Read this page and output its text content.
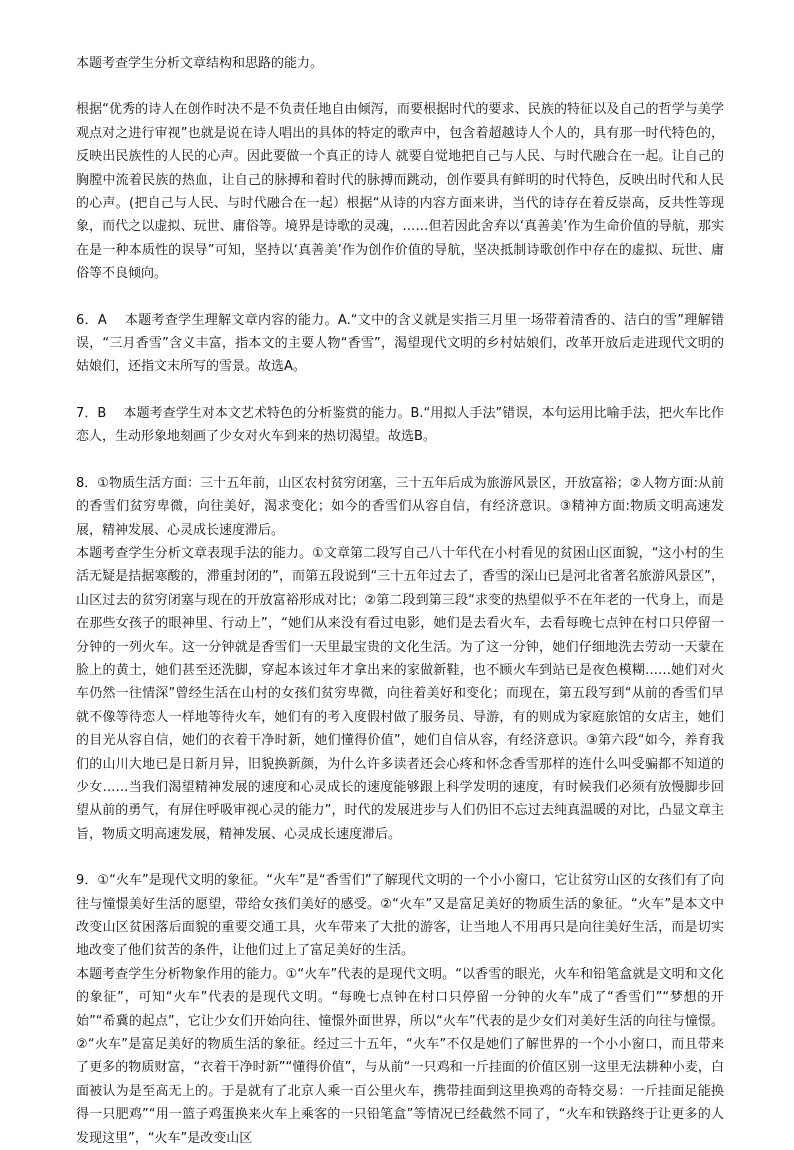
本题考查学生分析文章结构和思路的能力。

根据“优秀的诗人在创作时决不是不负责任地自由倾泻，而要根据时代的要求、民族的特征以及自己的哲学与美学观点对之进行审视”也就是说在诗人唱出的具体的特定的歌声中，包含着超越诗人个人的，具有那一时代特色的，反映出民族性的人民的心声。因此要做一个真正的诗人 就要自觉地把自己与人民、与时代融合在一起。让自己的胸膛中流着民族的热血，让自己的脉搏和着时代的脉搏而跳动，创作要具有鲜明的时代特色，反映出时代和人民的心声。(把自己与人民、与时代融合在一起）根据“从诗的内容方面来讲，当代的诗存在着反崇高，反共性等现象，而代之以虚拟、玩世、庸俗等。境界是诗歌的灵魂，……但若因此舍弃以‘真善美’作为生命价值的导航，那实在是一种本质性的误导”可知，坚持以‘真善美’作为创作价值的导航，坚决抵制诗歌创作中存在的虚拟、玩世、庸俗等不良倾向。

6．A　 本题考查学生理解文章内容的能力。A.“文中的含义就是实指三月里一场带着清香的、洁白的雪”理解错误，“三月香雪”含义丰富，指本文的主要人物“香雪”，渴望现代文明的乡村姑娘们，改革开放后走进现代文明的姑娘们，还指文末所写的雪景。故选A。

7．B　 本题考查学生对本文艺术特色的分析鉴赏的能力。B.“用拟人手法”错误，本句运用比喻手法，把火车比作恋人，生动形象地刻画了少女对火车到来的热切渴望。故选B。

8．①物质生活方面：三十五年前，山区农村贫穷闭塞，三十五年后成为旅游风景区，开放富裕；②人物方面:从前的香雪们贫穷卑微，向往美好，渴求变化；如今的香雪们从容自信，有经济意识。③精神方面:物质文明高速发展，精神发展、心灵成长速度滞后。

本题考查学生分析文章表现手法的能力。①文章第二段写自己八十年代在小村看见的贫困山区面貌，“这小村的生活无疑是拮据寒酸的，滞重封闭的”，而第五段说到“三十五年过去了，香雪的深山已是河北省著名旅游风景区”，山区过去的贫穷闭塞与现在的开放富裕形成对比；②第二段到第三段“求变的热望似乎不在年老的一代身上，而是在那些女孩子的眼神里、行动上”，“她们从来没有看过电影，她们是去看火车，去看每晚七点钟在村口只停留一分钟的一列火车。这一分钟就是香雪们一天里最宝贵的文化生活。为了这一分钟，她们仔细地洗去劳动一天蒙在脸上的黄土，她们甚至还洗脚，穿起本该过年才拿出来的家做新鞋，也不顾火车到站已是夜色模糊……她们对火车仍然一往情深”曾经生活在山村的女孩们贫穷卑微，向往着美好和变化；而现在，第五段写到“从前的香雪们早就不像等待恋人一样地等待火车，她们有的考入度假村做了服务员、导游，有的则成为家庭旅馆的女店主，她们的目光从容自信，她们的衣着干净时新，她们懂得价值”，她们自信从容，有经济意识。③第六段“如今，养育我们的山川大地已是日新月异，旧貌换新颜，为什么许多读者还会心疼和怀念香雪那样的连什么叫受骗都不知道的少女……当我们渴望精神发展的速度和心灵成长的速度能够跟上科学发明的速度，有时候我们必须有放慢脚步回望从前的勇气，有屏住呼吸审视心灵的能力”，时代的发展进步与人们仍旧不忘过去纯真温暖的对比，凸显文章主旨，物质文明高速发展，精神发展、心灵成长速度滞后。

9．①“火车”是现代文明的象征。“火车”是“香雪们”了解现代文明的一个小小窗口，它让贫穷山区的女孩们有了向往与憧憬美好生活的愿望，带给女孩们美好的感受。②“火车”又是富足美好的物质生活的象征。“火车”是本文中改变山区贫困落后面貌的重要交通工具，火车带来了大批的游客，让当地人不用再只是向往美好生活，而是切实地改变了他们贫苦的条件，让他们过上了富足美好的生活。

本题考查学生分析物象作用的能力。①“火车”代表的是现代文明。“以香雪的眼光，火车和铅笔盒就是文明和文化的象征”，可知“火车”代表的是现代文明。“每晚七点钟在村口只停留一分钟的火车”成了“香雪们”“梦想的开始”“希冀的起点”，它让少女们开始向往、憧憬外面世界，所以“火车”代表的是少女们对美好生活的向往与憧憬。②“火车”是富足美好的物质生活的象征。经过三十五年，“火车”不仅是她们了解世界的一个小小窗口，而且带来了更多的物质财富，“衣着干净时新”“懂得价值”，与从前“一只鸡和一斤挂面的价值区别一这里无法耕种小麦，白面被认为是至高无上的。于是就有了北京人乘一百公里火车，携带挂面到这里换鸡的奇特交易：一斤挂面足能换得一只肥鸡”“用一篮子鸡蛋换来火车上乘客的一只铅笔盒”等情况已经截然不同了，“火车和铁路终于让更多的人发现这里”，“火车”是改变山区
